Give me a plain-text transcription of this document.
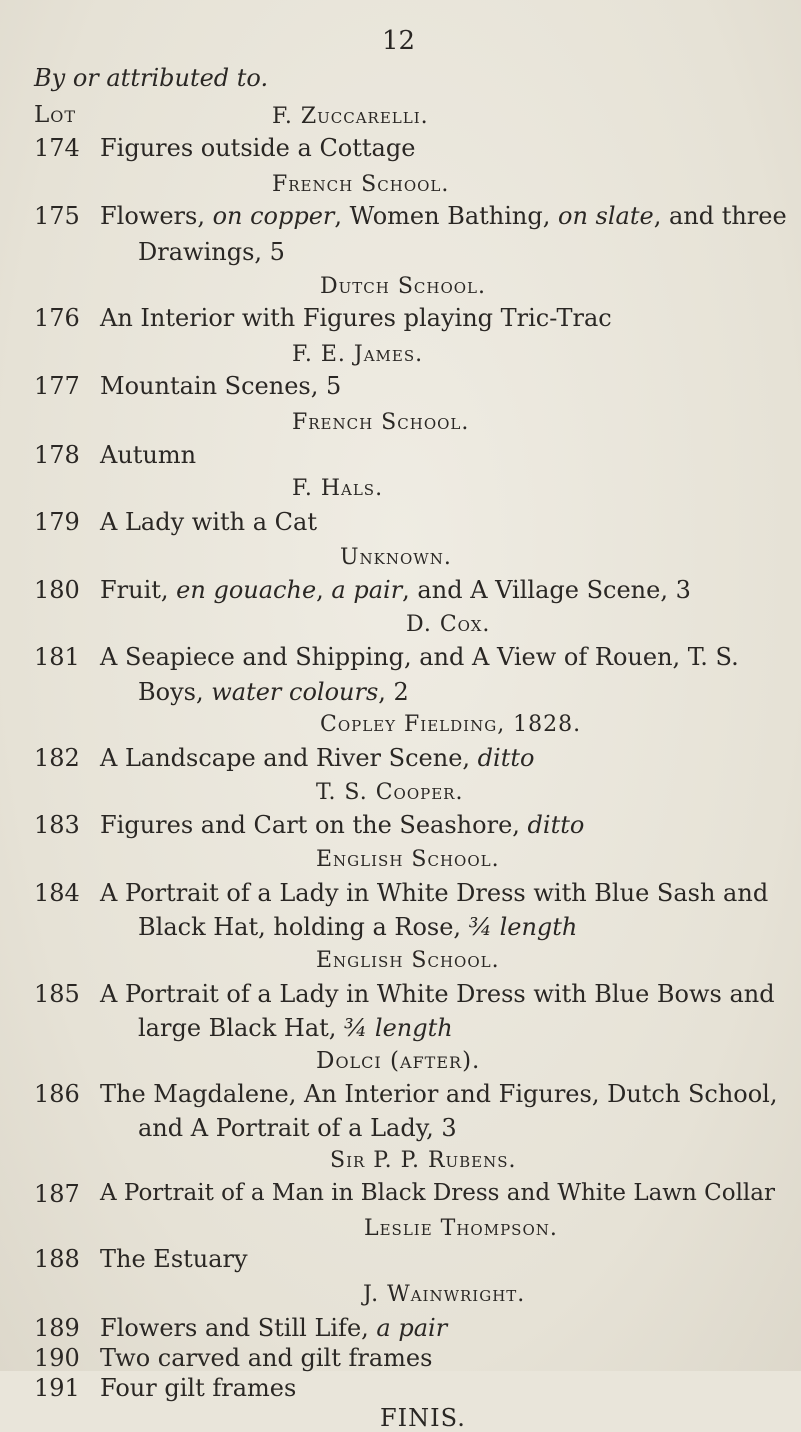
12
By or attributed to.
Lot	F. Zuccarelli.
174 Figures outside a Cottage
French School.
175 Flowers, on copper, Women Bathing, on slate, and three
Drawings, 5
Dutch School.
176 An Interior with Figures playing Tric-Trac
F. E. James.
177 Mountain Scenes, 5
French School.
178 Autumn
F. Hals.
179 A Lady with a Cat
Unknown.
180 Fruit, en gouache, a pair, and A Village Scene, 3
D. Cox.
181 A Seapiece and Shipping, and A View of Rouen, T. S.
Boys, water colours, 2
Copley Fielding, 1828.
182 A Landscape and River Scene, ditto
T. S. Cooper.
183 Figures and Cart on the Seashore, ditto
English School.
184 A Portrait of a Lady in White Dress with Blue Sash and
Black Hat, holding a Rose, ¾ length
English School.
185 A Portrait of a Lady in White Dress with Blue Bows and
large Black Hat, ¾ length
Dolci (after).
186 The Magdalene, An Interior and Figures, Dutch School,
and A Portrait of a Lady, 3
Sir P. P. Rubens.
187 A Portrait of a Man in Black Dress and White Lawn Collar
Leslie Thompson.
188 The Estuary
J. Wainwright.
189 Flowers and Still Life, a pair
190 Two carved and gilt frames
191 Four gilt frames
FINIS.
